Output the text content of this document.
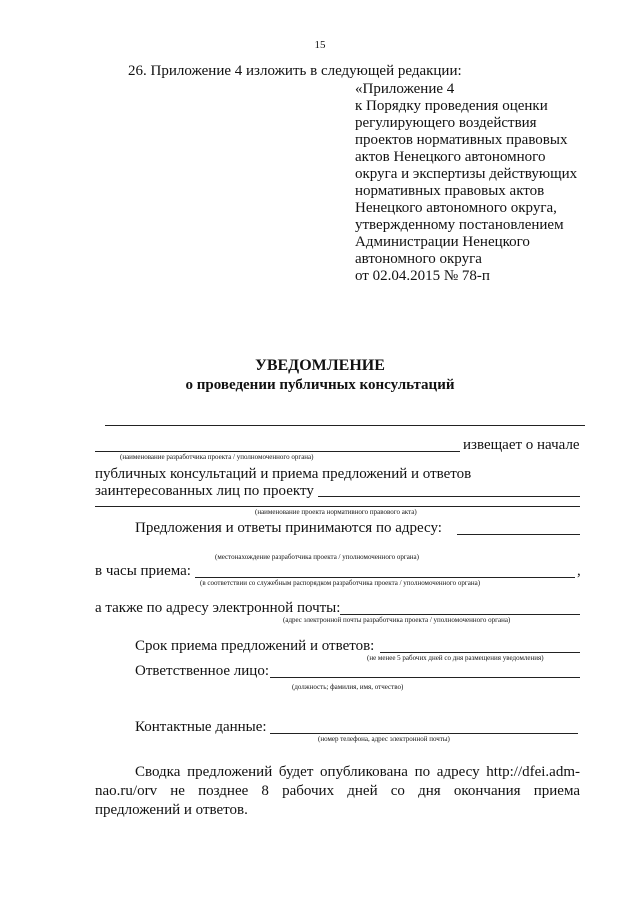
15
26. Приложение 4 изложить в следующей редакции:
«Приложение 4
к Порядку проведения оценки
регулирующего воздействия
проектов нормативных правовых
актов Ненецкого автономного
округа и экспертизы действующих
нормативных правовых актов
Ненецкого автономного округа,
утвержденному постановлением
Администрации Ненецкого
автономного округа
от 02.04.2015 № 78-п
УВЕДОМЛЕНИЕ
о проведении публичных консультаций
извещает о начале
(наименование разработчика проекта / уполномоченного органа)
публичных консультаций и приема предложений и ответов
заинтересованных лиц по проекту
(наименование проекта нормативного правового акта)
Предложения и ответы принимаются по адресу:
(местонахождение разработчика проекта / уполномоченного органа)
в часы приема:	,
(в соответствии со служебным распорядком разработчика проекта / уполномоченного органа)
а также по адресу электронной почты:
(адрес электронной почты разработчика проекта / уполномоченного органа)
Срок приема предложений и ответов:
(не менее 5 рабочих дней со дня размещения уведомления)
Ответственное лицо:
(должность; фамилия, имя, отчество)
Контактные данные:
(номер телефона, адрес электронной почты)
Сводка предложений будет опубликована по адресу http://dfei.adm-nao.ru/orv не позднее 8 рабочих дней со дня окончания приема предложений и ответов.
